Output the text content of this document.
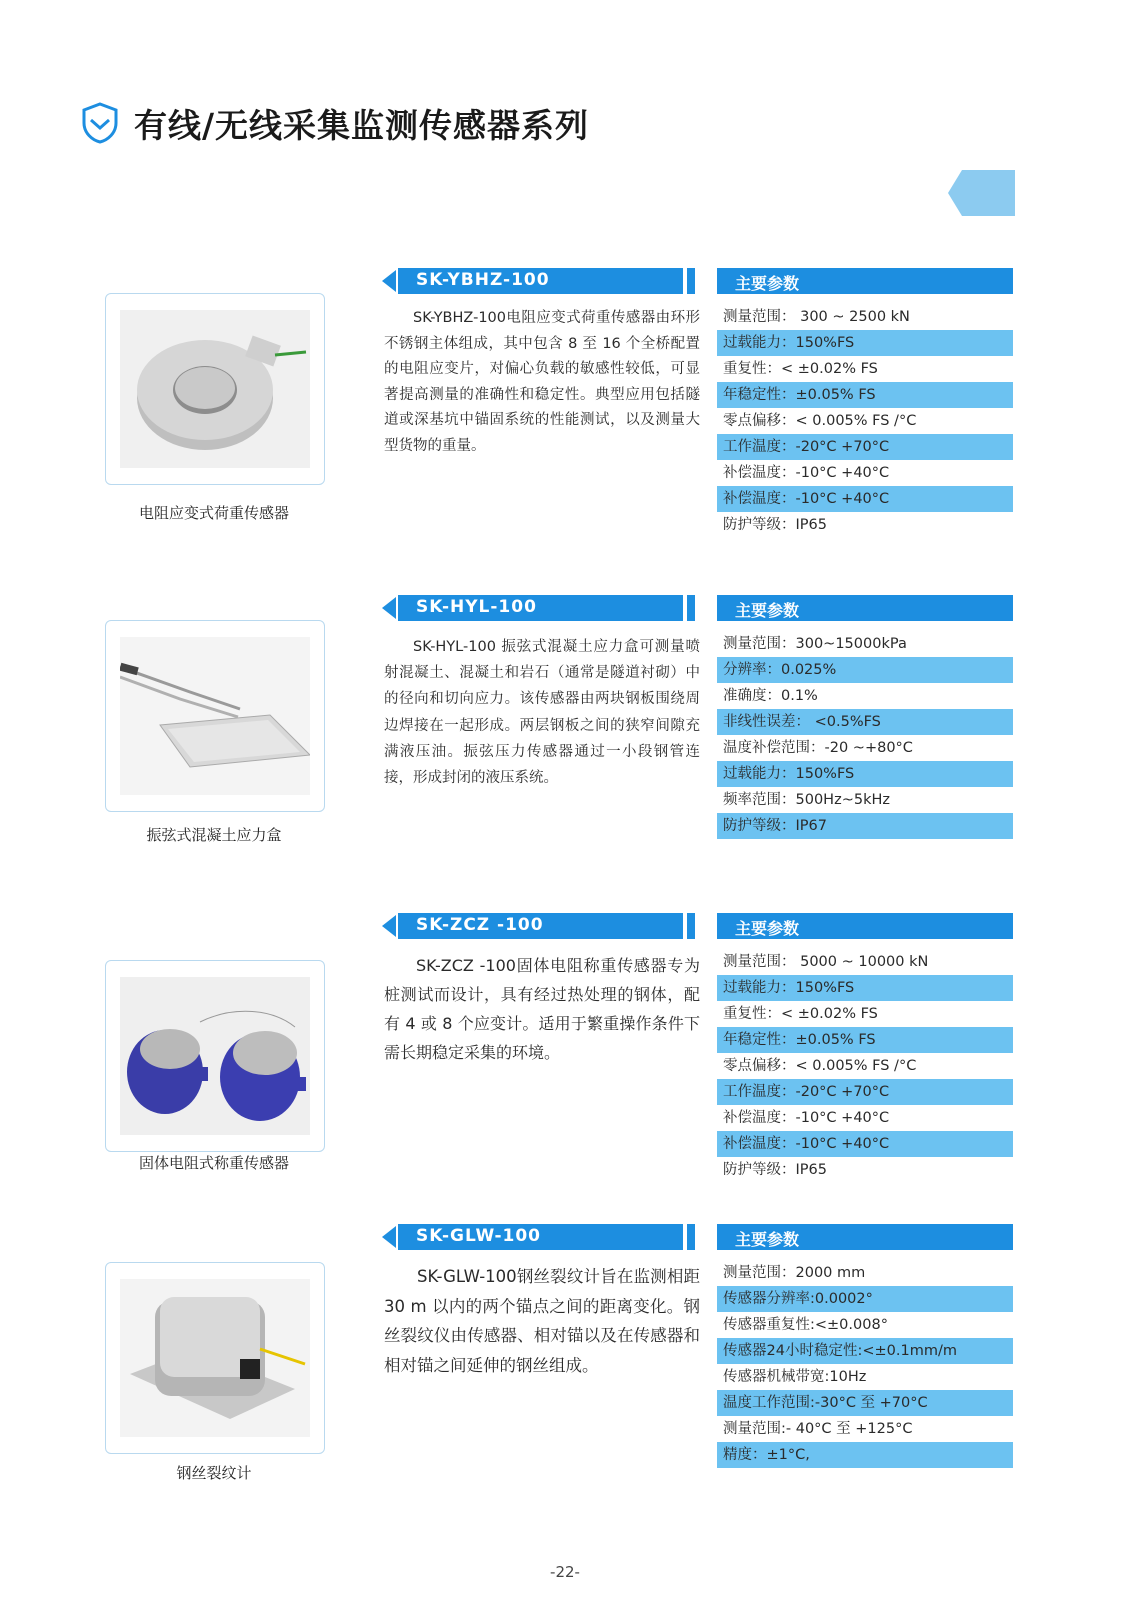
有线/无线采集监测传感器系列
电阻应变式荷重传感器
SK-YBHZ-100	主要参数

SK-YBHZ-100电阻应变式荷重传感器由环形不锈钢主体组成，其中包含 8 至 16 个全桥配置的电阻应变片，对偏心负载的敏感性较低，可显著提高测量的准确性和稳定性。典型应用包括隧道或深基坑中锚固系统的性能测试，以及测量大型货物的重量。

测量范围： 300 ~ 2500 kN
过载能力：150%FS
重复性：< ±0.02% FS
年稳定性：±0.05% FS
零点偏移：< 0.005% FS /°C
工作温度：-20°C +70°C
补偿温度：-10°C +40°C
补偿温度：-10°C +40°C
防护等级：IP65
振弦式混凝土应力盒
SK-HYL-100	主要参数

SK-HYL-100 振弦式混凝土应力盒可测量喷射混凝土、混凝土和岩石（通常是隧道衬砌）中的径向和切向应力。该传感器由两块钢板围绕周边焊接在一起形成。两层钢板之间的狭窄间隙充满液压油。振弦压力传感器通过一小段钢管连接，形成封闭的液压系统。

测量范围：300~15000kPa
分辨率：0.025%
准确度：0.1%
非线性误差： <0.5%FS
温度补偿范围：-20 ~+80°C
过载能力：150%FS
频率范围：500Hz~5kHz
防护等级：IP67
固体电阻式称重传感器
SK-ZCZ -100	主要参数

SK-ZCZ -100固体电阻称重传感器专为桩测试而设计，具有经过热处理的钢体，配有 4 或 8 个应变计。适用于繁重操作条件下需长期稳定采集的环境。

测量范围： 5000 ~ 10000 kN
过载能力：150%FS
重复性：< ±0.02% FS
年稳定性：±0.05% FS
零点偏移：< 0.005% FS /°C
工作温度：-20°C +70°C
补偿温度：-10°C +40°C
补偿温度：-10°C +40°C
防护等级：IP65
钢丝裂纹计
SK-GLW-100	主要参数

SK-GLW-100钢丝裂纹计旨在监测相距 30 m 以内的两个锚点之间的距离变化。钢丝裂纹仪由传感器、相对锚以及在传感器和相对锚之间延伸的钢丝组成。

测量范围：2000 mm
传感器分辨率:0.0002°
传感器重复性:<±0.008°
传感器24小时稳定性:<±0.1mm/m
传感器机械带宽:10Hz
温度工作范围:-30°C 至 +70°C
测量范围:- 40°C 至 +125°C
精度：±1°C,
-22-
